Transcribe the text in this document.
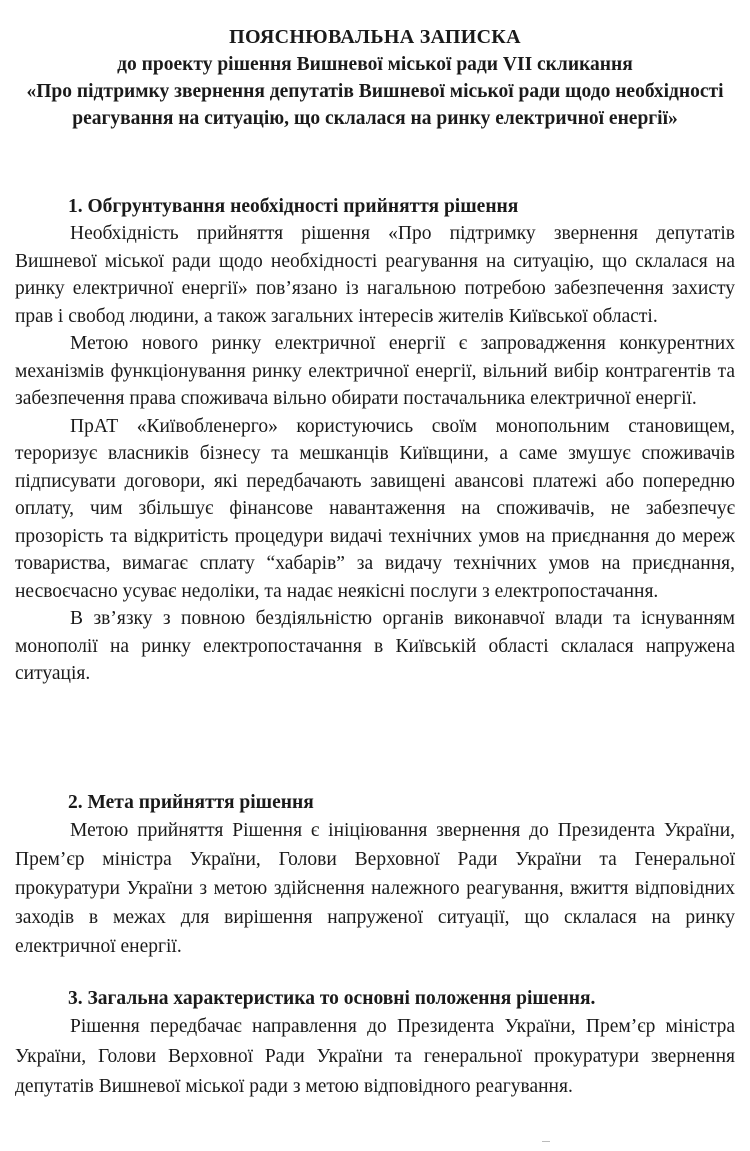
ПОЯСНЮВАЛЬНА ЗАПИСКА
до проекту рішення Вишневої міської ради VII скликання
«Про підтримку звернення депутатів Вишневої міської ради щодо необхідності реагування на ситуацію, що склалася на ринку електричної енергії»

1. Обгрунтування необхідності прийняття рішення

Необхідність прийняття рішення «Про підтримку звернення депутатів Вишневої міської ради щодо необхідності реагування на ситуацію, що склалася на ринку електричної енергії» пов’язано із нагальною потребою забезпечення захисту прав і свобод людини, а також загальних інтересів жителів Київської області.

Метою нового ринку електричної енергії є запровадження конкурентних механізмів функціонування ринку електричної енергії, вільний вибір контрагентів та забезпечення права споживача вільно обирати постачальника електричної енергії.

ПрАТ «Київобленерго» користуючись своїм монопольним становищем, тероризує власників бізнесу та мешканців Київщини, а саме змушує споживачів підписувати договори, які передбачають завищені авансові платежі або попередню оплату, чим збільшує фінансове навантаження на споживачів, не забезпечує прозорість та відкритість процедури видачі технічних умов на приєднання до мереж товариства, вимагає сплату “хабарів” за видачу технічних умов на приєднання, несвоєчасно усуває недоліки, та надає неякісні послуги з електропостачання.

В зв’язку з повною бездіяльністю органів виконавчої влади та існуванням монополії на ринку електропостачання в Київській області склалася напружена ситуація.

2. Мета прийняття рішення

Метою прийняття Рішення є ініціювання звернення до Президента України, Прем’єр міністра України, Голови Верховної Ради України та Генеральної прокуратури України з метою здійснення належного реагування, вжиття відповідних заходів в межах для вирішення напруженої ситуації, що склалася на ринку електричної енергії.

3. Загальна характеристика то основні положення рішення.

Рішення передбачає направлення до Президента України, Прем’єр міністра України, Голови Верховної Ради України та генеральної прокуратури звернення депутатів Вишневої міської ради з метою відповідного реагування.
